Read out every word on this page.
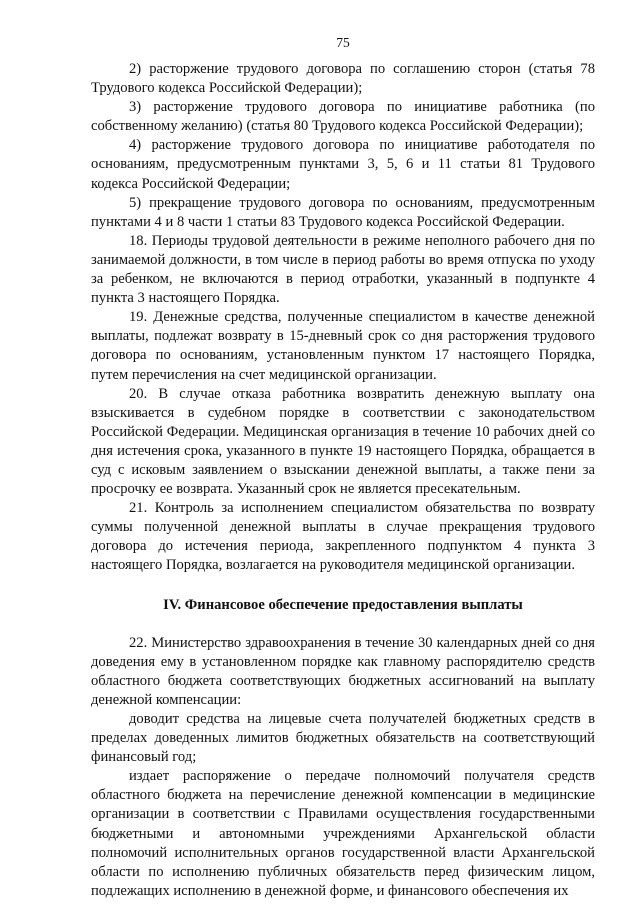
75

2) расторжение трудового договора по соглашению сторон (статья 78 Трудового кодекса Российской Федерации);

3) расторжение трудового договора по инициативе работника (по собственному желанию) (статья 80 Трудового кодекса Российской Федерации);

4) расторжение трудового договора по инициативе работодателя по основаниям, предусмотренным пунктами 3, 5, 6 и 11 статьи 81 Трудового кодекса Российской Федерации;

5) прекращение трудового договора по основаниям, предусмотренным пунктами 4 и 8 части 1 статьи 83 Трудового кодекса Российской Федерации.

18. Периоды трудовой деятельности в режиме неполного рабочего дня по занимаемой должности, в том числе в период работы во время отпуска по уходу за ребенком, не включаются в период отработки, указанный в подпункте 4 пункта 3 настоящего Порядка.

19. Денежные средства, полученные специалистом в качестве денежной выплаты, подлежат возврату в 15-дневный срок со дня расторжения трудового договора по основаниям, установленным пунктом 17 настоящего Порядка, путем перечисления на счет медицинской организации.

20. В случае отказа работника возвратить денежную выплату она взыскивается в судебном порядке в соответствии с законодательством Российской Федерации. Медицинская организация в течение 10 рабочих дней со дня истечения срока, указанного в пункте 19 настоящего Порядка, обращается в суд с исковым заявлением о взыскании денежной выплаты, а также пени за просрочку ее возврата. Указанный срок не является пресекательным.

21. Контроль за исполнением специалистом обязательства по возврату суммы полученной денежной выплаты в случае прекращения трудового договора до истечения периода, закрепленного подпунктом 4 пункта 3 настоящего Порядка, возлагается на руководителя медицинской организации.

IV. Финансовое обеспечение предоставления выплаты

22. Министерство здравоохранения в течение 30 календарных дней со дня доведения ему в установленном порядке как главному распорядителю средств областного бюджета соответствующих бюджетных ассигнований на выплату денежной компенсации:

доводит средства на лицевые счета получателей бюджетных средств в пределах доведенных лимитов бюджетных обязательств на соответствующий финансовый год;

издает распоряжение о передаче полномочий получателя средств областного бюджета на перечисление денежной компенсации в медицинские организации в соответствии с Правилами осуществления государственными бюджетными и автономными учреждениями Архангельской области полномочий исполнительных органов государственной власти Архангельской области по исполнению публичных обязательств перед физическим лицом, подлежащих исполнению в денежной форме, и финансового обеспечения их
